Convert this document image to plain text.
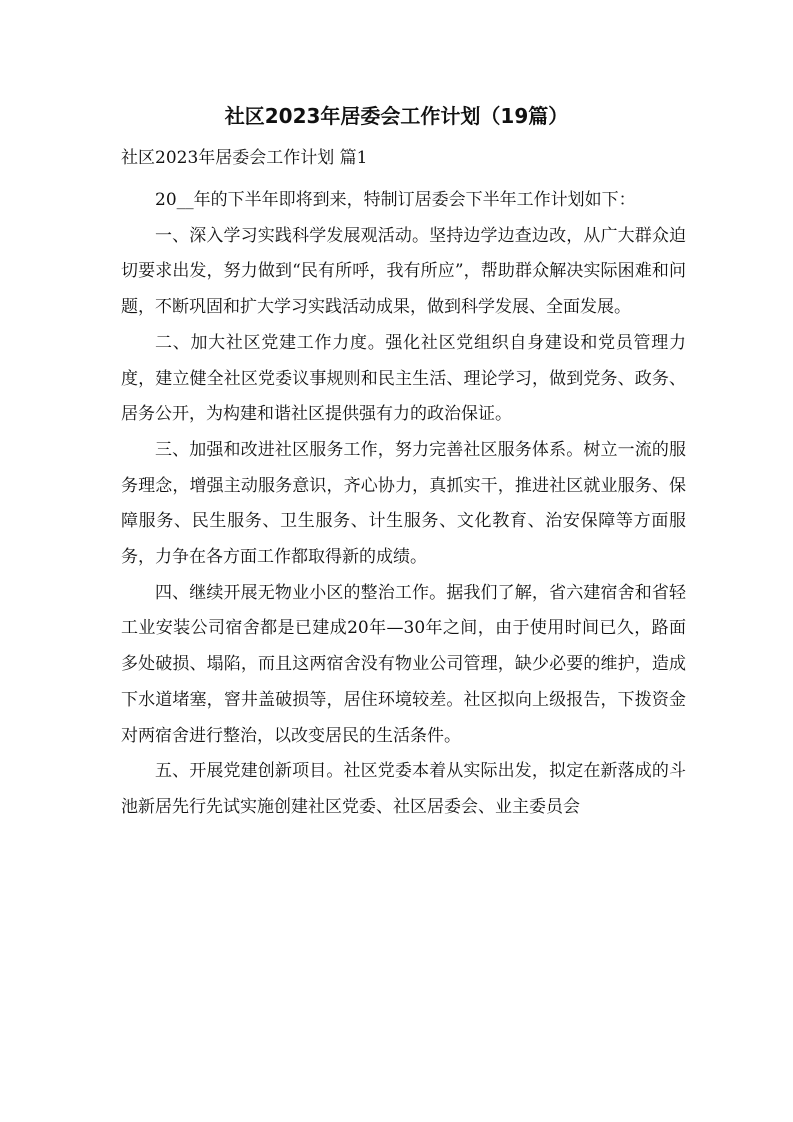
社区2023年居委会工作计划（19篇）
社区2023年居委会工作计划 篇1

20__年的下半年即将到来，特制订居委会下半年工作计划如下：

一、深入学习实践科学发展观活动。坚持边学边查边改，从广大群众迫切要求出发，努力做到“民有所呼，我有所应”，帮助群众解决实际困难和问题，不断巩固和扩大学习实践活动成果，做到科学发展、全面发展。

二、加大社区党建工作力度。强化社区党组织自身建设和党员管理力度，建立健全社区党委议事规则和民主生活、理论学习，做到党务、政务、居务公开，为构建和谐社区提供强有力的政治保证。

三、加强和改进社区服务工作，努力完善社区服务体系。树立一流的服务理念，增强主动服务意识，齐心协力，真抓实干，推进社区就业服务、保障服务、民生服务、卫生服务、计生服务、文化教育、治安保障等方面服务，力争在各方面工作都取得新的成绩。

四、继续开展无物业小区的整治工作。据我们了解，省六建宿舍和省轻工业安装公司宿舍都是已建成20年—30年之间，由于使用时间已久，路面多处破损、塌陷，而且这两宿舍没有物业公司管理，缺少必要的维护，造成下水道堵塞，窨井盖破损等，居住环境较差。社区拟向上级报告，下拨资金对两宿舍进行整治，以改变居民的生活条件。

五、开展党建创新项目。社区党委本着从实际出发，拟定在新落成的斗池新居先行先试实施创建社区党委、社区居委会、业主委员会
